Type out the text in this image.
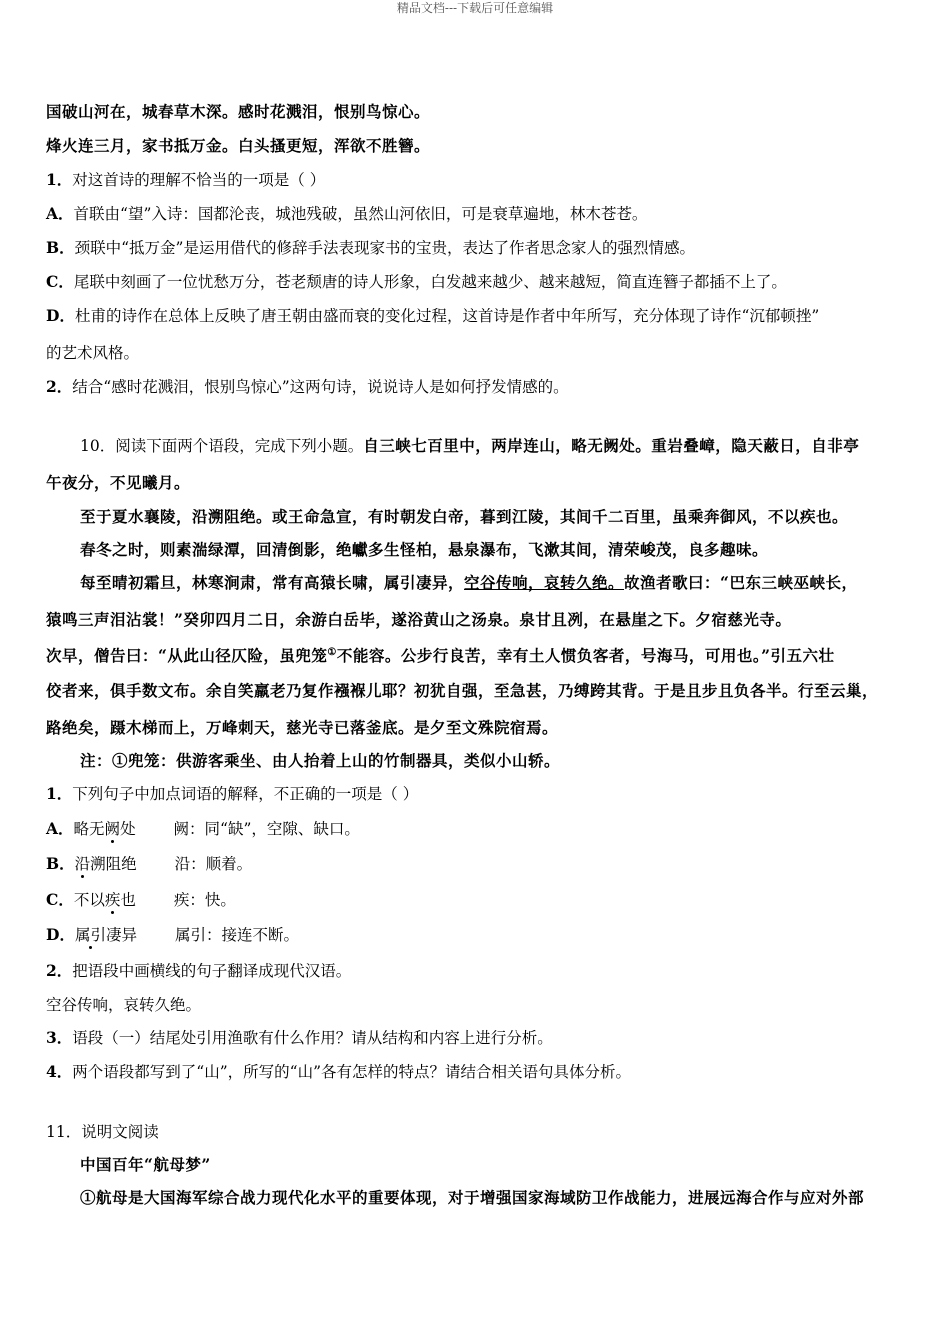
精品文档---下载后可任意编辑
国破山河在，城春草木深。感时花溅泪，恨别鸟惊心。
烽火连三月，家书抵万金。白头搔更短，浑欲不胜簪。
1．对这首诗的理解不恰当的一项是（ ）
A．首联由“望”入诗：国都沦丧，城池残破，虽然山河依旧，可是衰草遍地，林木苍苍。
B．颈联中“抵万金”是运用借代的修辞手法表现家书的宝贵，表达了作者思念家人的强烈情感。
C．尾联中刻画了一位忧愁万分，苍老颓唐的诗人形象，白发越来越少、越来越短，简直连簪子都插不上了。
D．杜甫的诗作在总体上反映了唐王朝由盛而衰的变化过程，这首诗是作者中年所写，充分体现了诗作“沉郁顿挫”
的艺术风格。
2．结合“感时花溅泪，恨别鸟惊心”这两句诗，说说诗人是如何抒发情感的。
10．阅读下面两个语段，完成下列小题。自三峡七百里中，两岸连山，略无阙处。重岩叠嶂，隐天蔽日，自非亭
午夜分，不见曦月。
至于夏水襄陵，沿溯阻绝。或王命急宣，有时朝发白帝，暮到江陵，其间千二百里，虽乘奔御风，不以疾也。
春冬之时，则素湍绿潭，回清倒影，绝巘多生怪柏，悬泉瀑布，飞漱其间，清荣峻茂，良多趣味。
每至晴初霜旦，林寒涧肃，常有高猿长啸，属引凄异，空谷传响，哀转久绝。故渔者歌曰：“巴东三峡巫峡长，
猿鸣三声泪沾裳！”癸卯四月二日，余游白岳毕，遂浴黄山之汤泉。泉甘且冽，在悬崖之下。夕宿慈光寺。
次早，僧告曰：“从此山径仄险，虽兜笼①不能容。公步行良苦，幸有土人惯负客者，号海马，可用也。”引五六壮
佼者来，俱手数文布。余自笑羸老乃复作襁褓儿耶？初犹自强，至急甚，乃缚跨其背。于是且步且负各半。行至云巢，
路绝矣，蹑木梯而上，万峰刺天，慈光寺已落釜底。是夕至文殊院宿焉。
注：①兜笼：供游客乘坐、由人抬着上山的竹制器具，类似小山轿。
1．下列句子中加点词语的解释，不正确的一项是（ ）
A．略无阙处 阙：同“缺”，空隙、缺口。
B．沿溯阻绝 沿：顺着。
C．不以疾也 疾：快。
D．属引凄异 属引：接连不断。
2．把语段中画横线的句子翻译成现代汉语。
空谷传响，哀转久绝。
3．语段（一）结尾处引用渔歌有什么作用？请从结构和内容上进行分析。
4．两个语段都写到了“山”，所写的“山”各有怎样的特点？请结合相关语句具体分析。
11．说明文阅读
中国百年“航母梦”
①航母是大国海军综合战力现代化水平的重要体现，对于增强国家海域防卫作战能力，进展远海合作与应对外部
